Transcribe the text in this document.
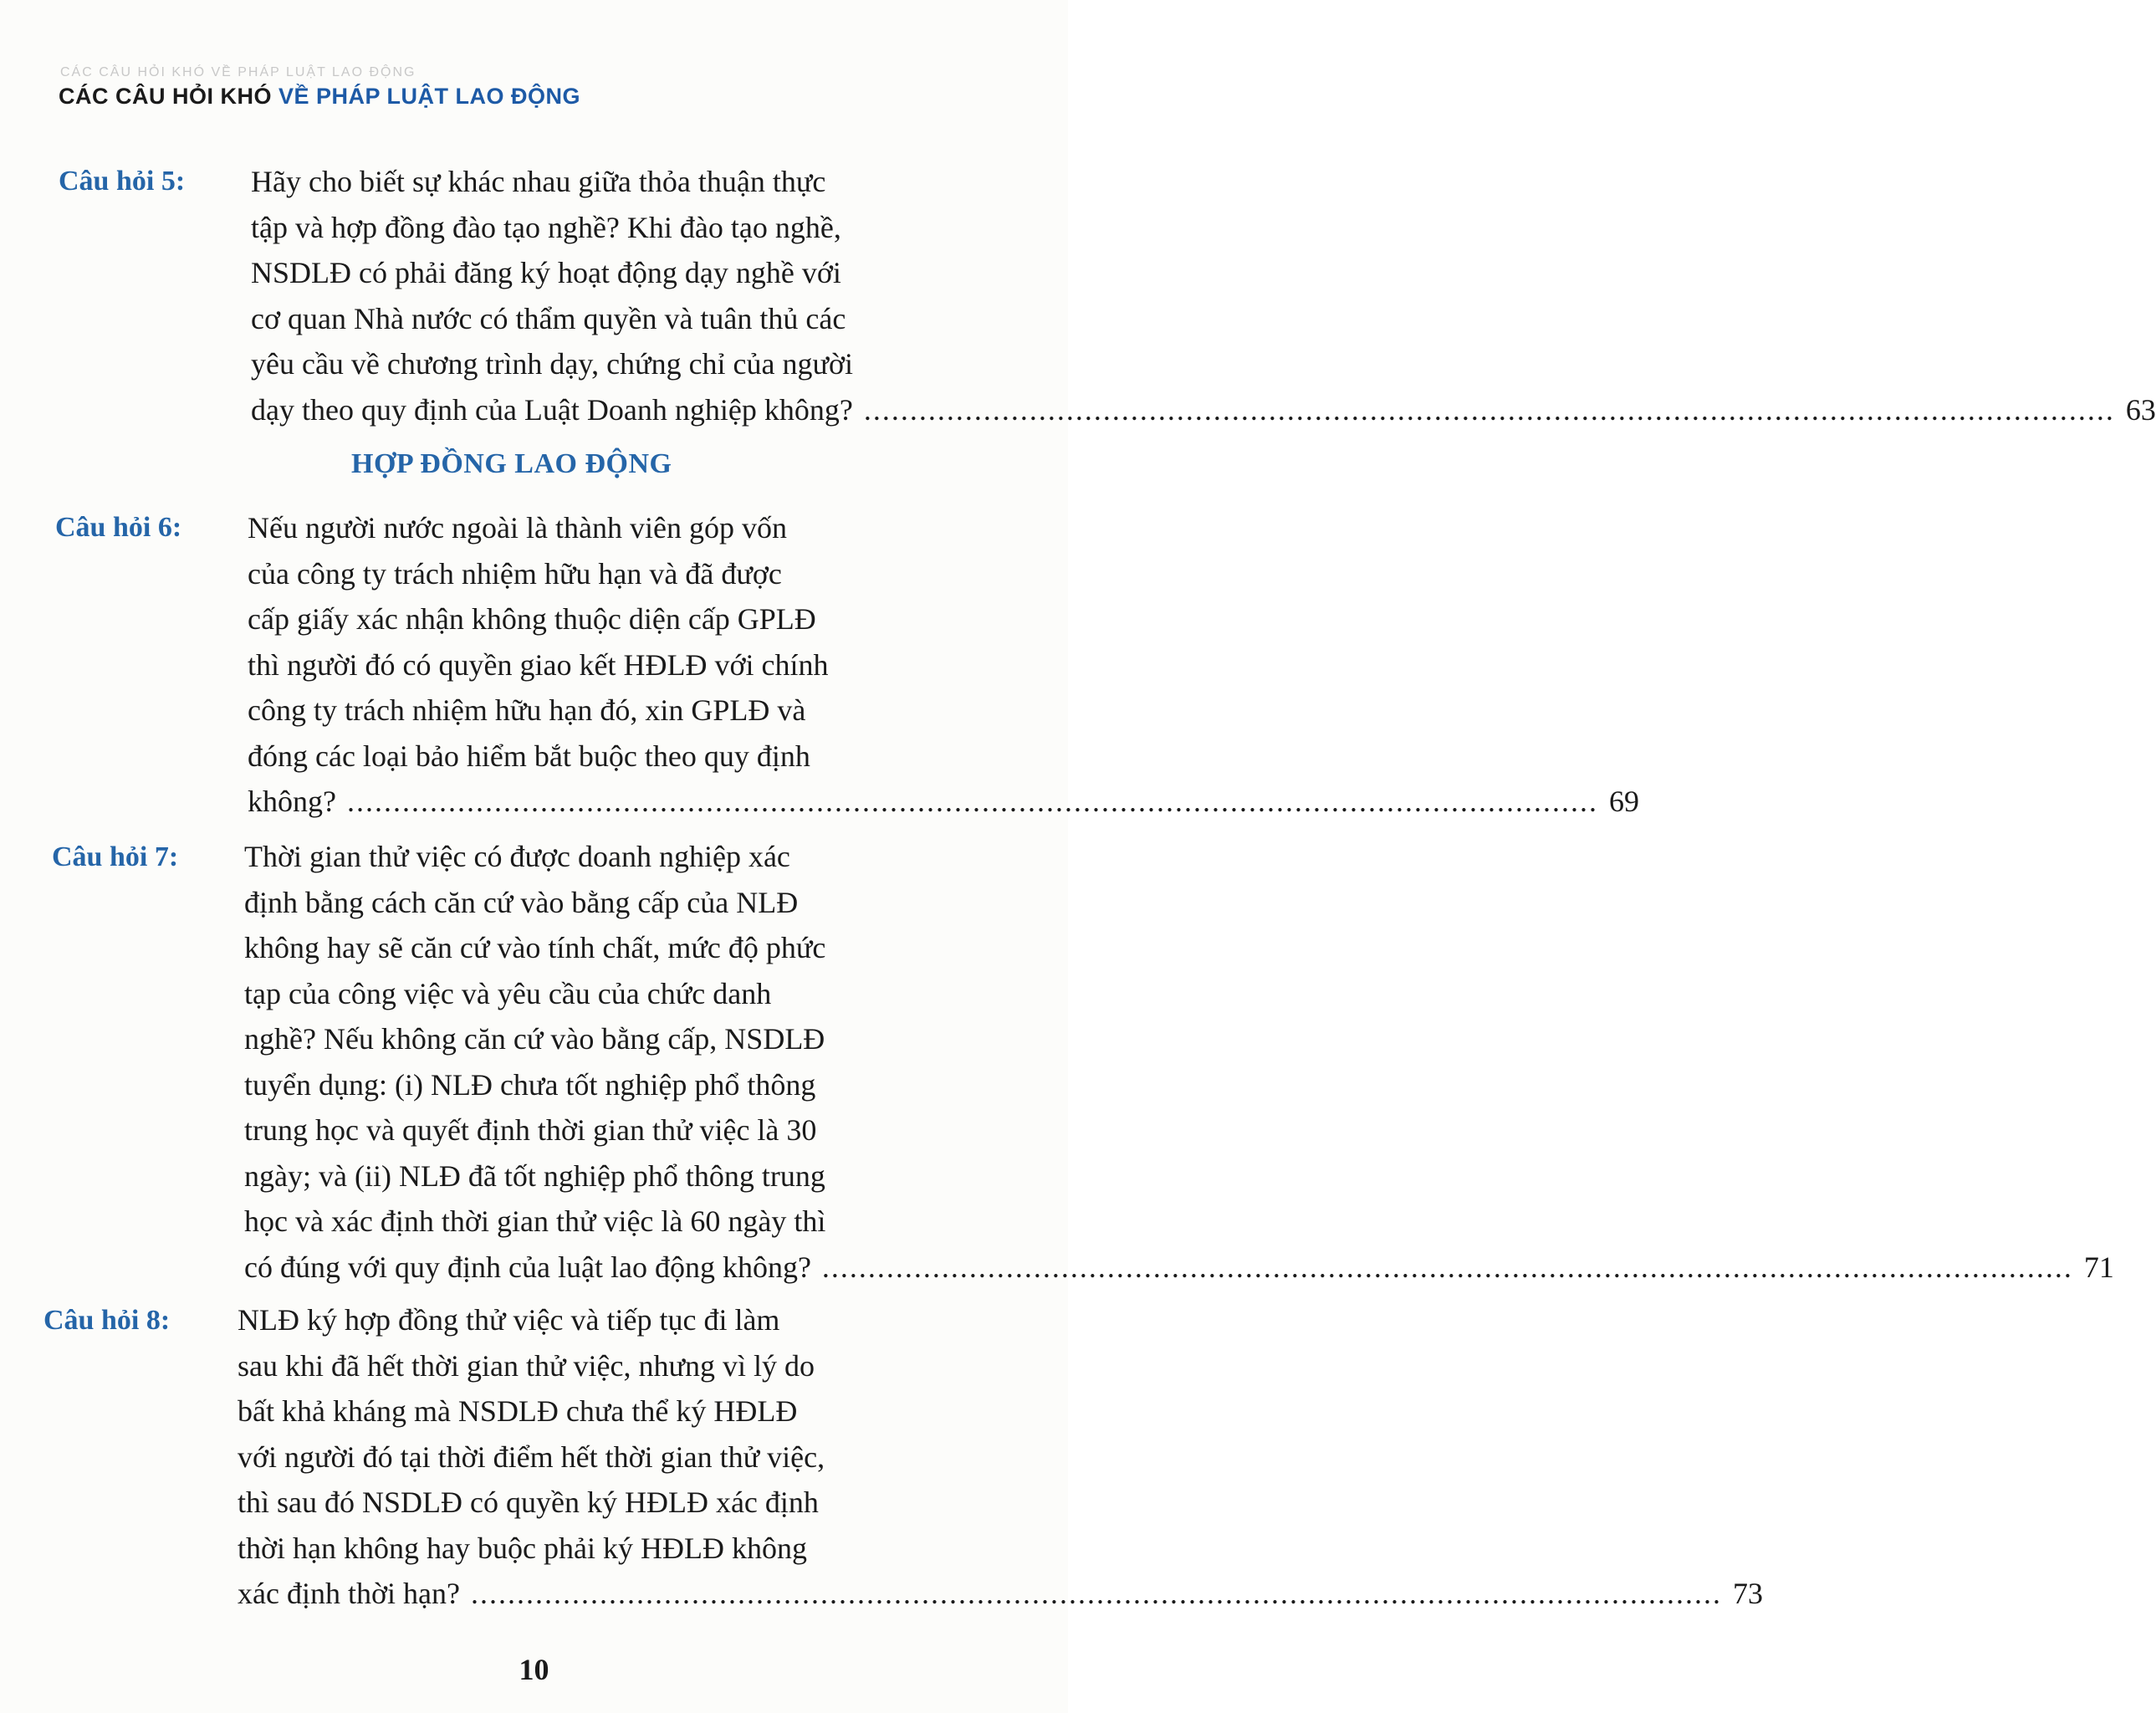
CÁC CÂU HỎI KHÓ VỀ PHÁP LUẬT LAO ĐỘNG
CÁC CÂU HỎI KHÓ VỀ PHÁP LUẬT LAO ĐỘNG
Câu hỏi 5: Hãy cho biết sự khác nhau giữa thỏa thuận thực
tập và hợp đồng đào tạo nghề? Khi đào tạo nghề,
NSDLĐ có phải đăng ký hoạt động dạy nghề với
cơ quan Nhà nước có thẩm quyền và tuân thủ các
yêu cầu về chương trình dạy, chứng chỉ của người
dạy theo quy định của Luật Doanh nghiệp không? .....	63
HỢP ĐỒNG LAO ĐỘNG
Câu hỏi 6: Nếu người nước ngoài là thành viên góp vốn
của công ty trách nhiệm hữu hạn và đã được
cấp giấy xác nhận không thuộc diện cấp GPLĐ
thì người đó có quyền giao kết HĐLĐ với chính
công ty trách nhiệm hữu hạn đó, xin GPLĐ và
đóng các loại bảo hiểm bắt buộc theo quy định
không? .....	69
Câu hỏi 7: Thời gian thử việc có được doanh nghiệp xác
định bằng cách căn cứ vào bằng cấp của NLĐ
không hay sẽ căn cứ vào tính chất, mức độ phức
tạp của công việc và yêu cầu của chức danh
nghề? Nếu không căn cứ vào bằng cấp, NSDLĐ
tuyển dụng: (i) NLĐ chưa tốt nghiệp phổ thông
trung học và quyết định thời gian thử việc là 30
ngày; và (ii) NLĐ đã tốt nghiệp phổ thông trung
học và xác định thời gian thử việc là 60 ngày thì
có đúng với quy định của luật lao động không? .....	71
Câu hỏi 8: NLĐ ký hợp đồng thử việc và tiếp tục đi làm
sau khi đã hết thời gian thử việc, nhưng vì lý do
bất khả kháng mà NSDLĐ chưa thể ký HĐLĐ
với người đó tại thời điểm hết thời gian thử việc,
thì sau đó NSDLĐ có quyền ký HĐLĐ xác định
thời hạn không hay buộc phải ký HĐLĐ không
xác định thời hạn? .....	73
10
